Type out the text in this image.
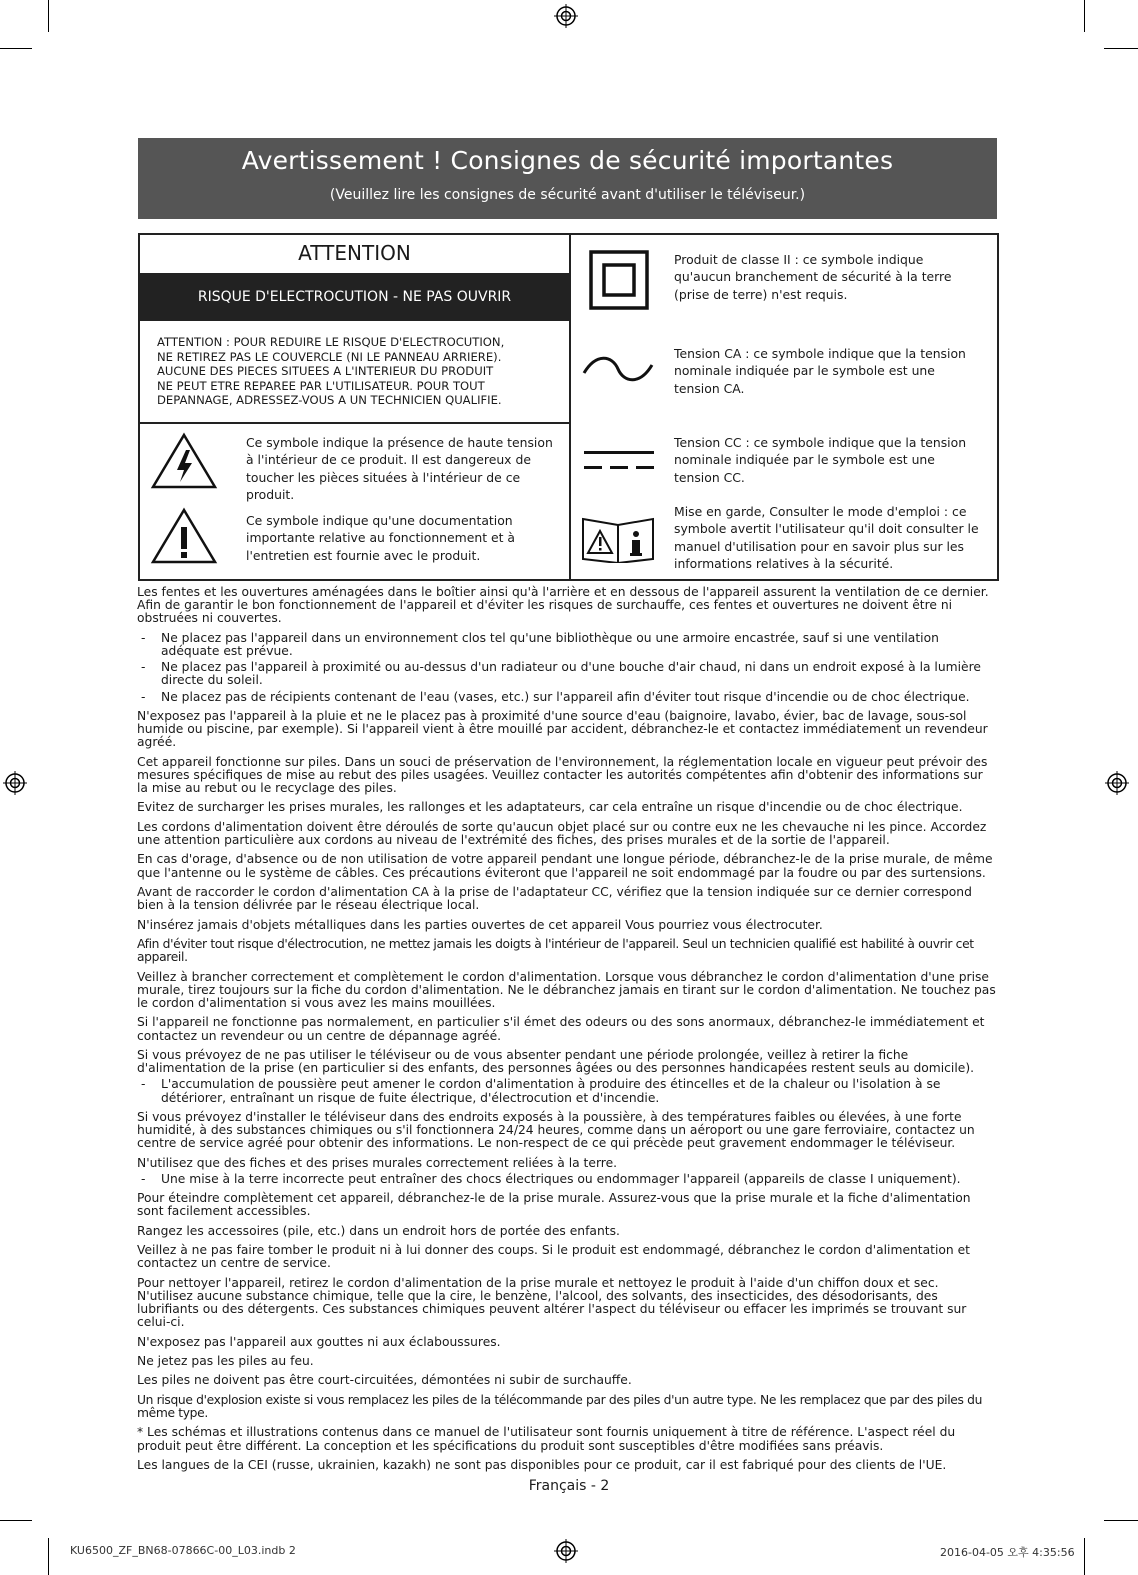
Avertissement ! Consignes de sécurité importantes
(Veuillez lire les consignes de sécurité avant d'utiliser le téléviseur.)
ATTENTION
RISQUE D'ELECTROCUTION - NE PAS OUVRIR
ATTENTION : POUR REDUIRE LE RISQUE D'ELECTROCUTION,
NE RETIREZ PAS LE COUVERCLE (NI LE PANNEAU ARRIERE).
AUCUNE DES PIECES SITUEES A L'INTERIEUR DU PRODUIT
NE PEUT ETRE REPAREE PAR L'UTILISATEUR. POUR TOUT
DEPANNAGE, ADRESSEZ-VOUS A UN TECHNICIEN QUALIFIE.
Ce symbole indique la présence de haute tension à l'intérieur de ce produit. Il est dangereux de toucher les pièces situées à l'intérieur de ce produit.
Ce symbole indique qu'une documentation importante relative au fonctionnement et à l'entretien est fournie avec le produit.
Produit de classe II : ce symbole indique qu'aucun branchement de sécurité à la terre (prise de terre) n'est requis.
Tension CA : ce symbole indique que la tension nominale indiquée par le symbole est une tension CA.
Tension CC : ce symbole indique que la tension nominale indiquée par le symbole est une tension CC.
Mise en garde, Consulter le mode d'emploi : ce symbole avertit l'utilisateur qu'il doit consulter le manuel d'utilisation pour en savoir plus sur les informations relatives à la sécurité.

Les fentes et les ouvertures aménagées dans le boîtier ainsi qu'à l'arrière et en dessous de l'appareil assurent la ventilation de ce dernier. Afin de garantir le bon fonctionnement de l'appareil et d'éviter les risques de surchauffe, ces fentes et ouvertures ne doivent être ni obstruées ni couvertes.

- Ne placez pas l'appareil dans un environnement clos tel qu'une bibliothèque ou une armoire encastrée, sauf si une ventilation adéquate est prévue.
- Ne placez pas l'appareil à proximité ou au-dessus d'un radiateur ou d'une bouche d'air chaud, ni dans un endroit exposé à la lumière directe du soleil.
- Ne placez pas de récipients contenant de l'eau (vases, etc.) sur l'appareil afin d'éviter tout risque d'incendie ou de choc électrique.

N'exposez pas l'appareil à la pluie et ne le placez pas à proximité d'une source d'eau (baignoire, lavabo, évier, bac de lavage, sous-sol humide ou piscine, par exemple). Si l'appareil vient à être mouillé par accident, débranchez-le et contactez immédiatement un revendeur agréé.

Cet appareil fonctionne sur piles. Dans un souci de préservation de l'environnement, la réglementation locale en vigueur peut prévoir des mesures spécifiques de mise au rebut des piles usagées. Veuillez contacter les autorités compétentes afin d'obtenir des informations sur la mise au rebut ou le recyclage des piles.

Evitez de surcharger les prises murales, les rallonges et les adaptateurs, car cela entraîne un risque d'incendie ou de choc électrique.

Les cordons d'alimentation doivent être déroulés de sorte qu'aucun objet placé sur ou contre eux ne les chevauche ni les pince. Accordez une attention particulière aux cordons au niveau de l'extrémité des fiches, des prises murales et de la sortie de l'appareil.

En cas d'orage, d'absence ou de non utilisation de votre appareil pendant une longue période, débranchez-le de la prise murale, de même que l'antenne ou le système de câbles. Ces précautions éviteront que l'appareil ne soit endommagé par la foudre ou par des surtensions.

Avant de raccorder le cordon d'alimentation CA à la prise de l'adaptateur CC, vérifiez que la tension indiquée sur ce dernier correspond bien à la tension délivrée par le réseau électrique local.

N'insérez jamais d'objets métalliques dans les parties ouvertes de cet appareil Vous pourriez vous électrocuter.

Afin d'éviter tout risque d'électrocution, ne mettez jamais les doigts à l'intérieur de l'appareil. Seul un technicien qualifié est habilité à ouvrir cet appareil.

Veillez à brancher correctement et complètement le cordon d'alimentation. Lorsque vous débranchez le cordon d'alimentation d'une prise murale, tirez toujours sur la fiche du cordon d'alimentation. Ne le débranchez jamais en tirant sur le cordon d'alimentation. Ne touchez pas le cordon d'alimentation si vous avez les mains mouillées.

Si l'appareil ne fonctionne pas normalement, en particulier s'il émet des odeurs ou des sons anormaux, débranchez-le immédiatement et contactez un revendeur ou un centre de dépannage agréé.

Si vous prévoyez de ne pas utiliser le téléviseur ou de vous absenter pendant une période prolongée, veillez à retirer la fiche d'alimentation de la prise (en particulier si des enfants, des personnes âgées ou des personnes handicapées restent seuls au domicile).

- L'accumulation de poussière peut amener le cordon d'alimentation à produire des étincelles et de la chaleur ou l'isolation à se détériorer, entraînant un risque de fuite électrique, d'électrocution et d'incendie.

Si vous prévoyez d'installer le téléviseur dans des endroits exposés à la poussière, à des températures faibles ou élevées, à une forte humidité, à des substances chimiques ou s'il fonctionnera 24/24 heures, comme dans un aéroport ou une gare ferroviaire, contactez un centre de service agréé pour obtenir des informations. Le non-respect de ce qui précède peut gravement endommager le téléviseur.

N'utilisez que des fiches et des prises murales correctement reliées à la terre.

- Une mise à la terre incorrecte peut entraîner des chocs électriques ou endommager l'appareil (appareils de classe I uniquement).

Pour éteindre complètement cet appareil, débranchez-le de la prise murale. Assurez-vous que la prise murale et la fiche d'alimentation sont facilement accessibles.

Rangez les accessoires (pile, etc.) dans un endroit hors de portée des enfants.

Veillez à ne pas faire tomber le produit ni à lui donner des coups. Si le produit est endommagé, débranchez le cordon d'alimentation et contactez un centre de service.

Pour nettoyer l'appareil, retirez le cordon d'alimentation de la prise murale et nettoyez le produit à l'aide d'un chiffon doux et sec. N'utilisez aucune substance chimique, telle que la cire, le benzène, l'alcool, des solvants, des insecticides, des désodorisants, des lubrifiants ou des détergents. Ces substances chimiques peuvent altérer l'aspect du téléviseur ou effacer les imprimés se trouvant sur celui-ci.

N'exposez pas l'appareil aux gouttes ni aux éclaboussures.

Ne jetez pas les piles au feu.

Les piles ne doivent pas être court-circuitées, démontées ni subir de surchauffe.

Un risque d'explosion existe si vous remplacez les piles de la télécommande par des piles d'un autre type. Ne les remplacez que par des piles du même type.

* Les schémas et illustrations contenus dans ce manuel de l'utilisateur sont fournis uniquement à titre de référence. L'aspect réel du produit peut être différent. La conception et les spécifications du produit sont susceptibles d'être modifiées sans préavis.

Les langues de la CEI (russe, ukrainien, kazakh) ne sont pas disponibles pour ce produit, car il est fabriqué pour des clients de l'UE.

Français - 2
KU6500_ZF_BN68-07866C-00_L03.indb 2	2016-04-05 오후 4:35:56
